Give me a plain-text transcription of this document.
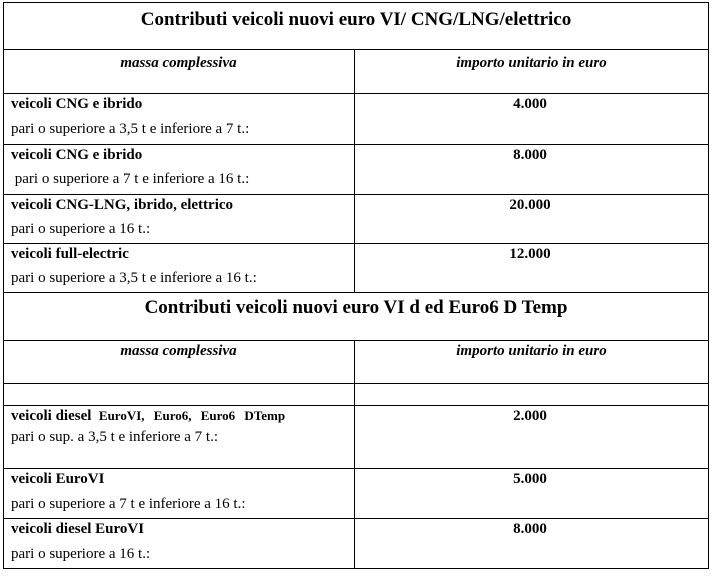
Contributi veicoli nuovi euro VI/ CNG/LNG/elettrico
massa complessiva	importo unitario in euro
veicoli CNG e ibrido
pari o superiore a 3,5 t e inferiore a 7 t.:
4.000
veicoli CNG e ibrido
pari o superiore a 7 t e inferiore a 16 t.:
8.000
veicoli CNG-LNG, ibrido, elettrico
pari o superiore a 16 t.:
20.000
veicoli full-electric
pari o superiore a 3,5 t e inferiore a 16 t.:
12.000
Contributi veicoli nuovi euro VI d ed Euro6 D Temp
massa complessiva	importo unitario in euro
veicoli diesel EuroVI, Euro6, Euro6 DTemp
pari o sup. a 3,5 t e inferiore a 7 t.:
2.000
veicoli EuroVI
pari o superiore a 7 t e inferiore a 16 t.:
5.000
veicoli diesel EuroVI
pari o superiore a 16 t.:
8.000
